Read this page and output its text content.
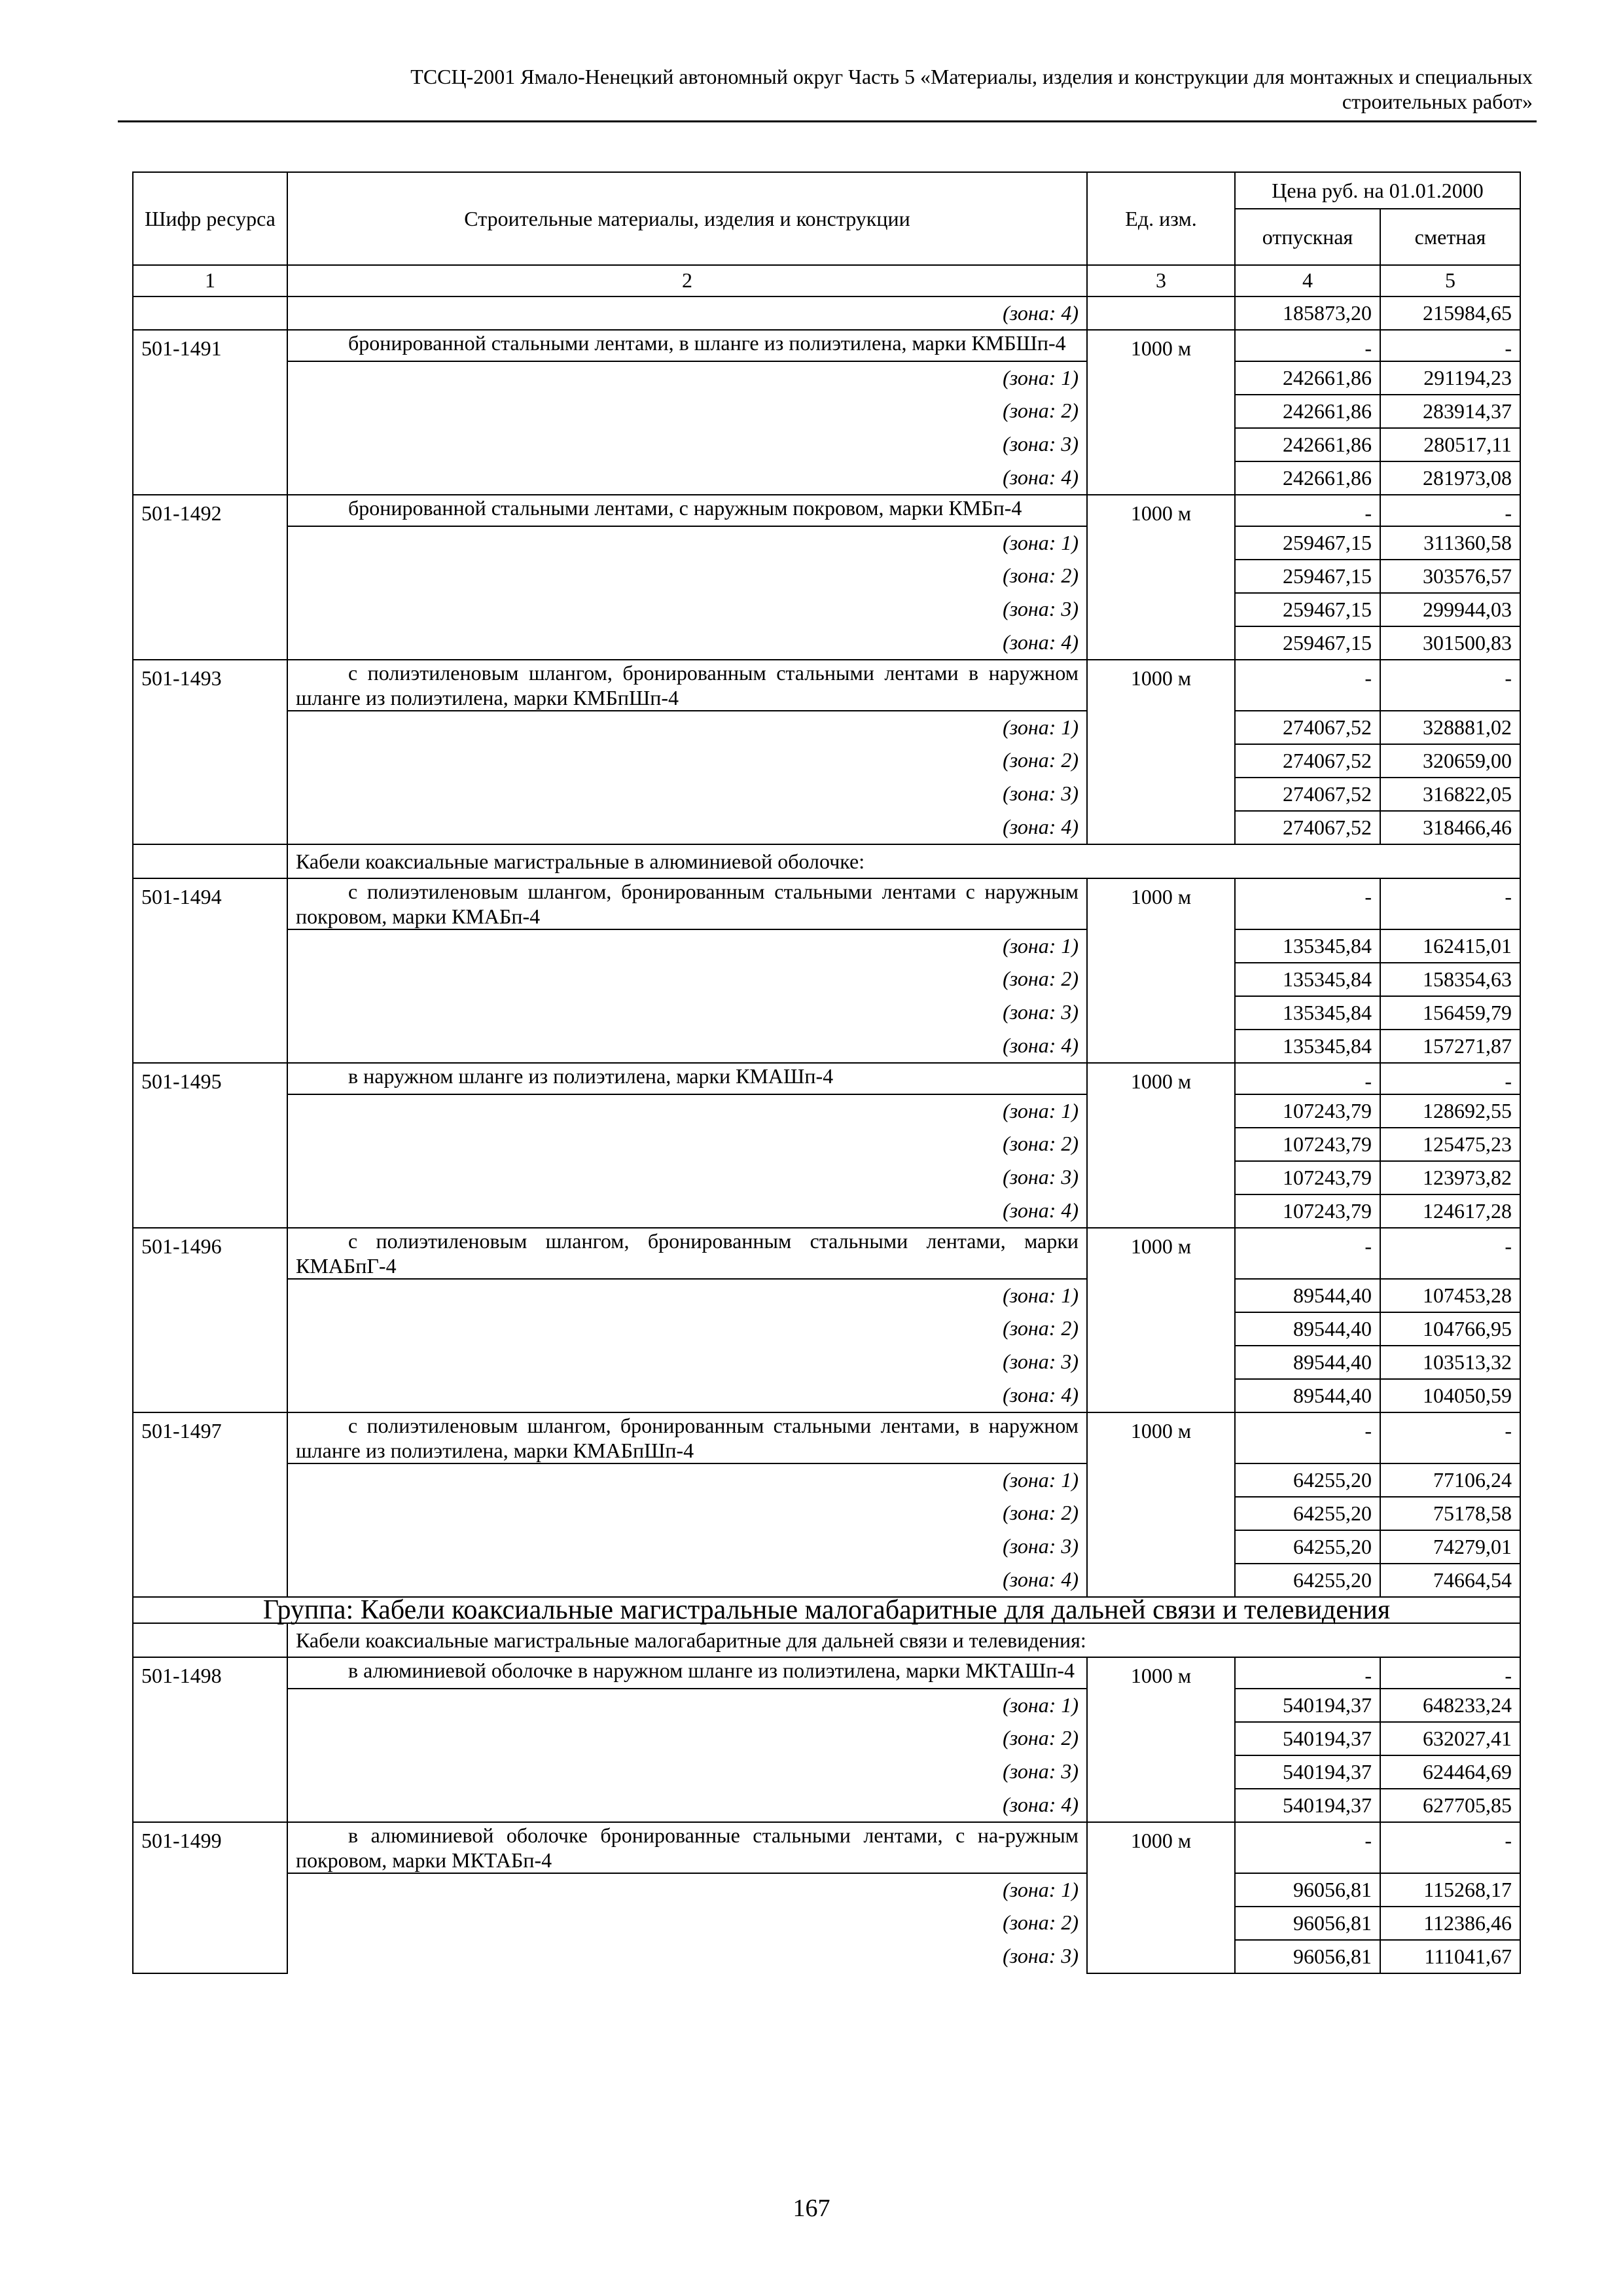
ТССЦ-2001 Ямало-Ненецкий автономный округ Часть 5 «Материалы, изделия и конструкции для монтажных и специальных
строительных работ»
Шифр ресурса	Строительные материалы, изделия и конструкции	Ед. изм.	Цена руб. на 01.01.2000	
			отпускная	сметная
1	2	3	4	5
	(зона: 4)		185873,20	215984,65
501-1491	бронированной стальными лентами, в шланге из полиэтилена, марки КМБШп-4	1000 м	-	-
	(зона: 1)		242661,86	291194,23
	(зона: 2)		242661,86	283914,37
	(зона: 3)		242661,86	280517,11
	(зона: 4)		242661,86	281973,08
501-1492	бронированной стальными лентами, с наружным покровом, марки КМБп-4	1000 м	-	-
	(зона: 1)		259467,15	311360,58
	(зона: 2)		259467,15	303576,57
	(зона: 3)		259467,15	299944,03
	(зона: 4)		259467,15	301500,83
501-1493	с полиэтиленовым шлангом, бронированным стальными лентами в наружном шланге из полиэтилена, марки КМБпШп-4	1000 м	-	-
	(зона: 1)		274067,52	328881,02
	(зона: 2)		274067,52	320659,00
	(зона: 3)		274067,52	316822,05
	(зона: 4)		274067,52	318466,46
	Кабели коаксиальные магистральные в алюминиевой оболочке:			
501-1494	с полиэтиленовым шлангом, бронированным стальными лентами с наружным покровом, марки КМАБп-4	1000 м	-	-
	(зона: 1)		135345,84	162415,01
	(зона: 2)		135345,84	158354,63
	(зона: 3)		135345,84	156459,79
	(зона: 4)		135345,84	157271,87
501-1495	в наружном шланге из полиэтилена, марки КМАШп-4	1000 м	-	-
	(зона: 1)		107243,79	128692,55
	(зона: 2)		107243,79	125475,23
	(зона: 3)		107243,79	123973,82
	(зона: 4)		107243,79	124617,28
501-1496	с полиэтиленовым шлангом, бронированным стальными лентами, марки КМАБпГ-4	1000 м	-	-
	(зона: 1)		89544,40	107453,28
	(зона: 2)		89544,40	104766,95
	(зона: 3)		89544,40	103513,32
	(зона: 4)		89544,40	104050,59
501-1497	с полиэтиленовым шлангом, бронированным стальными лентами, в наружном шланге из полиэтилена, марки КМАБпШп-4	1000 м	-	-
	(зона: 1)		64255,20	77106,24
	(зона: 2)		64255,20	75178,58
	(зона: 3)		64255,20	74279,01
	(зона: 4)		64255,20	74664,54
Группа: Кабели коаксиальные магистральные малогабаритные для дальней связи и телевидения				
	Кабели коаксиальные магистральные малогабаритные для дальней связи и телевидения:			
501-1498	в алюминиевой оболочке в наружном шланге из полиэтилена, марки МКТАШп-4	1000 м	-	-
	(зона: 1)		540194,37	648233,24
	(зона: 2)		540194,37	632027,41
	(зона: 3)		540194,37	624464,69
	(зона: 4)		540194,37	627705,85
501-1499	в алюминиевой оболочке бронированные стальными лентами, с на-ружным покровом, марки МКТАБп-4	1000 м	-	-
	(зона: 1)		96056,81	115268,17
	(зона: 2)		96056,81	112386,46
	(зона: 3)		96056,81	111041,67
167
